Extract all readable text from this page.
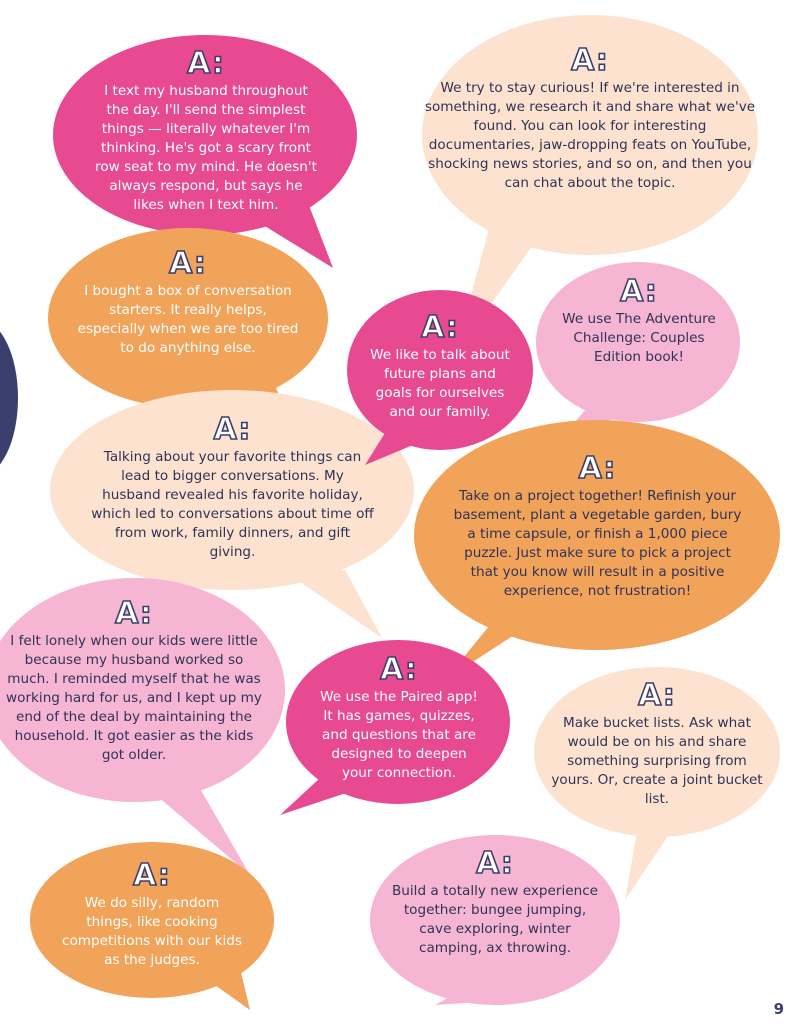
A:
I text my husband throughout the day. I'll send the simplest things — literally whatever I'm thinking. He's got a scary front row seat to my mind. He doesn't always respond, but says he likes when I text him.
A:
We try to stay curious! If we're interested in something, we research it and share what we've found. You can look for interesting documentaries, jaw-dropping feats on YouTube, shocking news stories, and so on, and then you can chat about the topic.
A:
I bought a box of conversation starters. It really helps, especially when we are too tired to do anything else.
A:
We use The Adventure Challenge: Couples Edition book!
A:
We like to talk about future plans and goals for ourselves and our family.
A:
Talking about your favorite things can lead to bigger conversations. My husband revealed his favorite holiday, which led to conversations about time off from work, family dinners, and gift giving.
A:
Take on a project together! Refinish your basement, plant a vegetable garden, bury a time capsule, or finish a 1,000 piece puzzle. Just make sure to pick a project that you know will result in a positive experience, not frustration!
A:
I felt lonely when our kids were little because my husband worked so much. I reminded myself that he was working hard for us, and I kept up my end of the deal by maintaining the household. It got easier as the kids got older.
A:
We use the Paired app! It has games, quizzes, and questions that are designed to deepen your connection.
A:
Make bucket lists. Ask what would be on his and share something surprising from yours. Or, create a joint bucket list.
A:
We do silly, random things, like cooking competitions with our kids as the judges.
A:
Build a totally new experience together: bungee jumping, cave exploring, winter camping, ax throwing.
9
